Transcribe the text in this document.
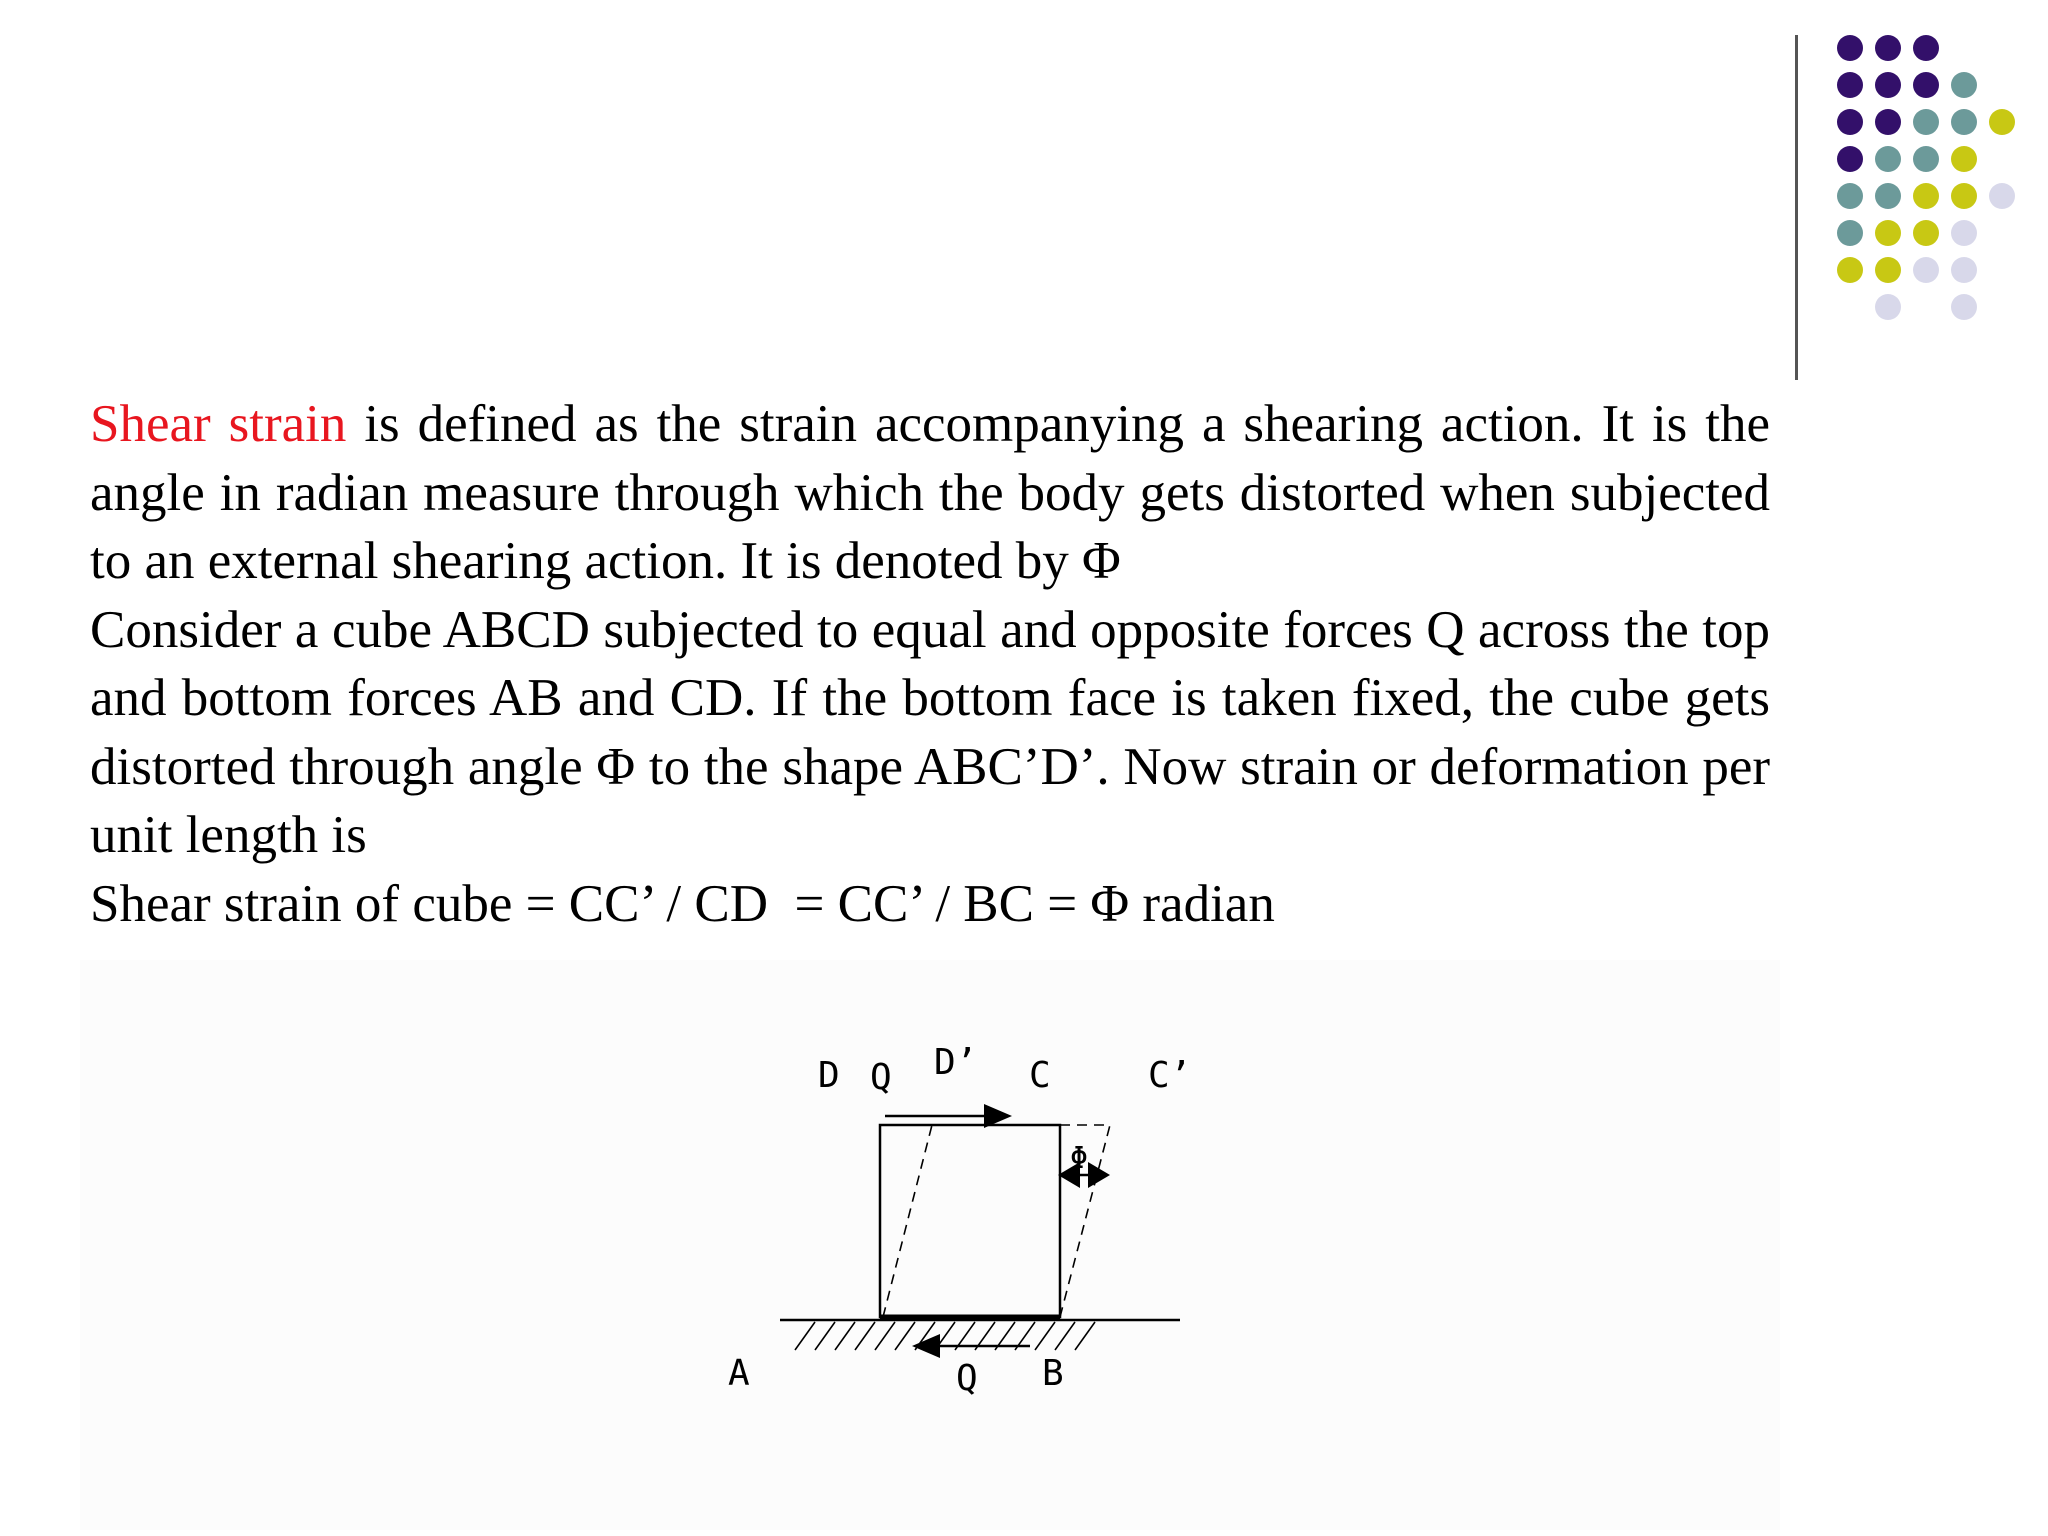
Shear strain is defined as the strain accompanying a shearing action. It is the angle in radian measure through which the body gets distorted when subjected to an external shearing action. It is denoted by Φ

Consider a cube ABCD subjected to equal and opposite forces Q across the top and bottom forces AB and CD. If the bottom face is taken fixed, the cube gets distorted through angle Φ to the shape ABC’D’. Now strain or deformation per unit length is

Shear strain of cube = CC’ / CD  = CC’ / BC = Φ radian

D Q D’ C	C’
Φ
A	Q B
